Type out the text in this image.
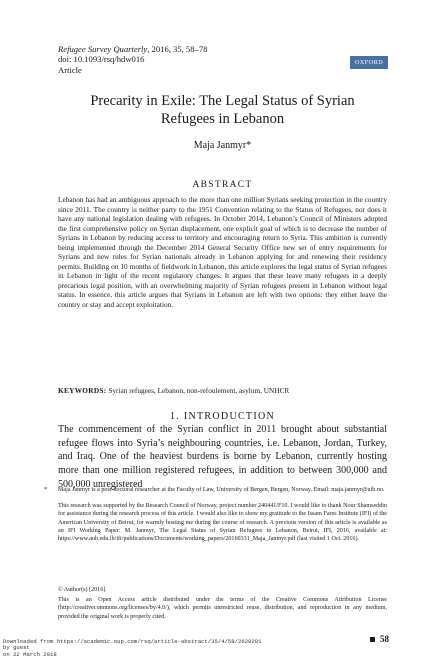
Refugee Survey Quarterly, 2016, 35, 58–78
doi: 10.1093/rsq/hdw016
Article
OXFORD
Precarity in Exile: The Legal Status of Syrian
Refugees in Lebanon
Maja Janmyr*
ABSTRACT
Lebanon has had an ambiguous approach to the more than one million Syrians seeking protection in the country since 2011. The country is neither party to the 1951 Convention relating to the Status of Refugees, nor does it have any national legislation dealing with refugees. In October 2014, Lebanon’s Council of Ministers adopted the first comprehensive policy on Syrian displacement, one explicit goal of which is to decrease the number of Syrians in Lebanon by reducing access to territory and encouraging return to Syria. This ambition is currently being implemented through the December 2014 General Security Office new set of entry requirements for Syrians and new rules for Syrian nationals already in Lebanon applying for and renewing their residency permits. Building on 10 months of fieldwork in Lebanon, this article explores the legal status of Syrian refugees in Lebanon in light of the recent regulatory changes. It argues that these leave many refugees in a deeply precarious legal position, with an overwhelming majority of Syrian refugees present in Lebanon without legal status. In essence, this article argues that Syrians in Lebanon are left with two options: they either leave the country or stay and accept exploitation.
KEYWORDS: Syrian refugees, Lebanon, non-refoulement, asylum, UNHCR
1. INTRODUCTION
The commencement of the Syrian conflict in 2011 brought about substantial refugee flows into Syria’s neighbouring countries, i.e. Lebanon, Jordan, Turkey, and Iraq. One of the heaviest burdens is borne by Lebanon, currently hosting more than one million registered refugees, in addition to between 300,000 and 500,000 unregistered
* Maja Janmyr is a post-doctoral researcher at the Faculty of Law, University of Bergen, Bergen, Norway. Email: maja.janmyr@uib.no.
This research was supported by the Research Council of Norway, project number 240441/F10. I would like to thank Nour Shamseddin for assistance during the research process of this article. I would also like to show my gratitude to the Issam Fares Institute (IFI) of the American University of Beirut, for warmly hosting me during the course of research. A previous version of this article is available as an IFI Working Paper: M. Janmyr, The Legal Status of Syrian Refugees in Lebanon, Beirut, IFI, 2016, available at: https://www.aub.edu.lb/ifi/publications/Documents/working_papers/20160331_Maja_Janmyr.pdf (last visited 1 Oct. 2016).
© Author(s) [2016].
This is an Open Access article distributed under the terms of the Creative Commons Attribution License (http://creativecommons.org/licenses/by/4.0/), which permits unrestricted reuse, distribution, and reproduction in any medium, provided the original work is properly cited.
58
Downloaded from https://academic.oup.com/rsq/article-abstract/35/4/58/2629281
by guest
on 22 March 2018
